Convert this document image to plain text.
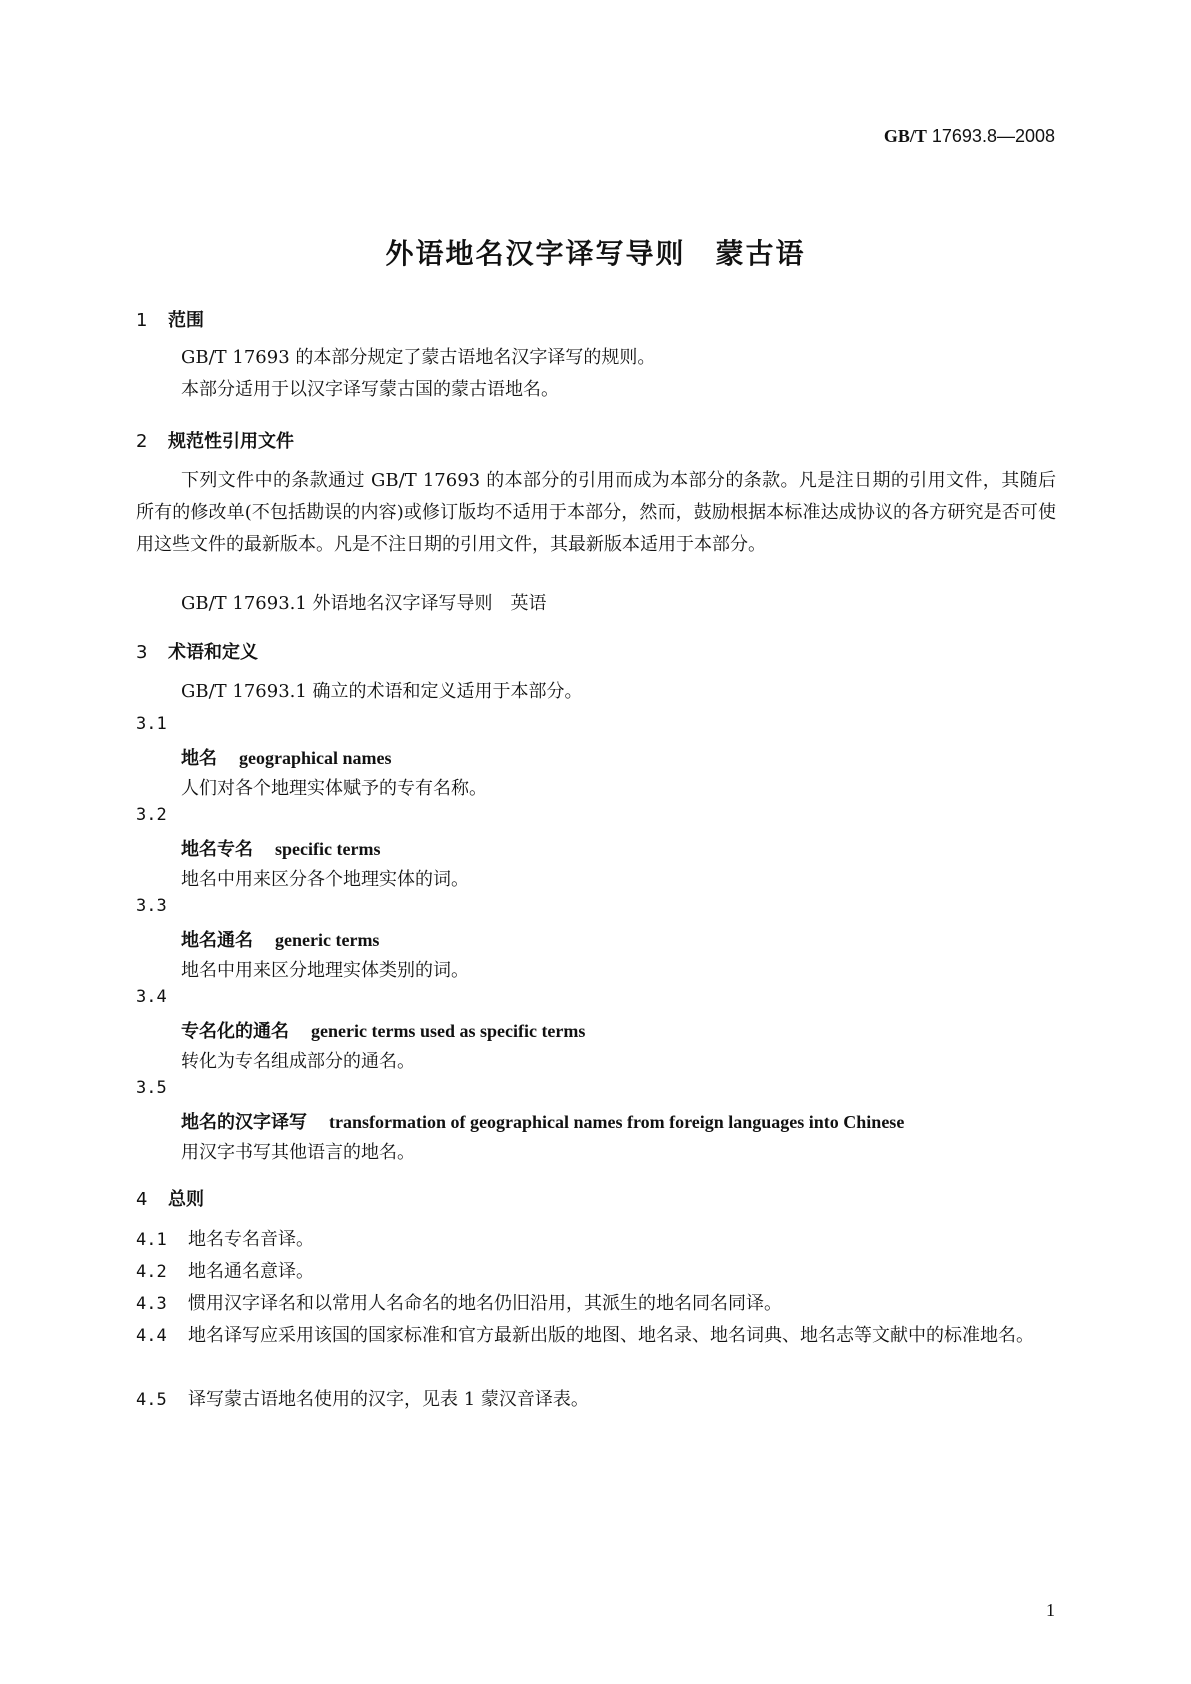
GB/T 17693.8—2008
外语地名汉字译写导则　蒙古语
1 范围
GB/T 17693 的本部分规定了蒙古语地名汉字译写的规则。
本部分适用于以汉字译写蒙古国的蒙古语地名。
2 规范性引用文件
下列文件中的条款通过 GB/T 17693 的本部分的引用而成为本部分的条款。凡是注日期的引用文件，其随后所有的修改单(不包括勘误的内容)或修订版均不适用于本部分，然而，鼓励根据本标准达成协议的各方研究是否可使用这些文件的最新版本。凡是不注日期的引用文件，其最新版本适用于本部分。
GB/T 17693.1 外语地名汉字译写导则　英语
3 术语和定义
GB/T 17693.1 确立的术语和定义适用于本部分。
3.1
地名 geographical names
人们对各个地理实体赋予的专有名称。
3.2
地名专名 specific terms
地名中用来区分各个地理实体的词。
3.3
地名通名 generic terms
地名中用来区分地理实体类别的词。
3.4
专名化的通名 generic terms used as specific terms
转化为专名组成部分的通名。
3.5
地名的汉字译写 transformation of geographical names from foreign languages into Chinese
用汉字书写其他语言的地名。
4 总则
4.1 地名专名音译。
4.2 地名通名意译。
4.3 惯用汉字译名和以常用人名命名的地名仍旧沿用，其派生的地名同名同译。
4.4 地名译写应采用该国的国家标准和官方最新出版的地图、地名录、地名词典、地名志等文献中的标准地名。
4.5 译写蒙古语地名使用的汉字，见表 1 蒙汉音译表。
1
